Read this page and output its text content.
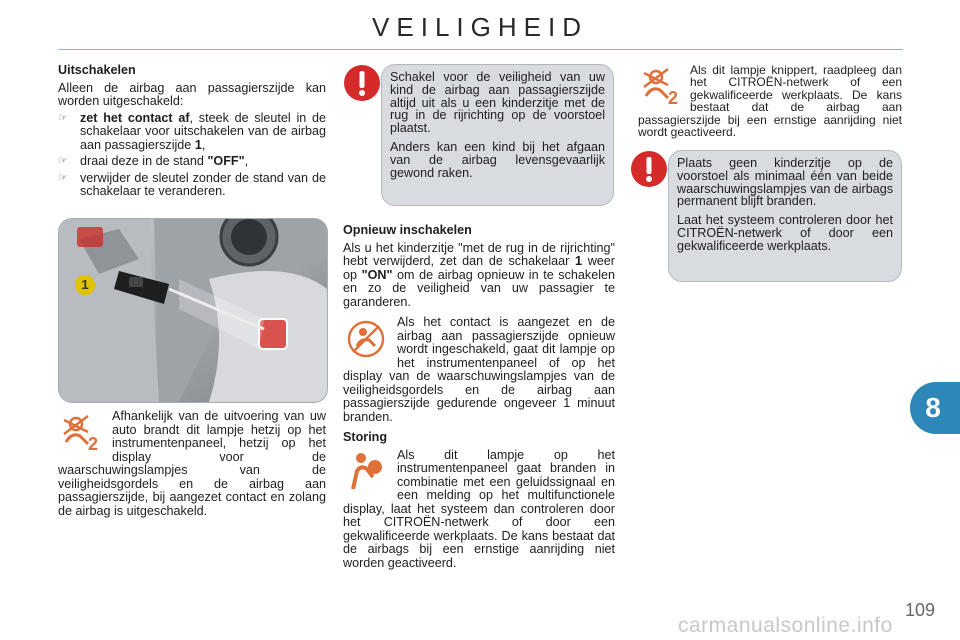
VEILIGHEID

Uitschakelen

Alleen de airbag aan passagierszijde kan worden uitgeschakeld:

☞ zet het contact af, steek de sleutel in de schakelaar voor uitschakelen van de airbag aan passagierszijde 1,
☞ draai deze in de stand "OFF",
☞ verwijder de sleutel zonder de stand van de schakelaar te veranderen.
1
2

Afhankelijk van de uitvoering van uw auto brandt dit lampje hetzij op het instrumentenpaneel, hetzij op het display voor de waarschuwingslampjes van de veiligheidsgordels en de airbag aan passagierszijde, bij aangezet contact en zolang de airbag is uitgeschakeld.

Schakel voor de veiligheid van uw kind de airbag aan passagierszijde altijd uit als u een kinderzitje met de rug in de rijrichting op de voorstoel plaatst.

Anders kan een kind bij het afgaan van de airbag levensgevaarlijk gewond raken.

Opnieuw inschakelen

Als u het kinderzitje "met de rug in de rijrichting" hebt verwijderd, zet dan de schakelaar 1 weer op "ON" om de airbag opnieuw in te schakelen en zo de veiligheid van uw passagier te garanderen.

Als het contact is aangezet en de airbag aan passagierszijde opnieuw wordt ingeschakeld, gaat dit lampje op het instrumentenpaneel of op het display van de waarschuwingslampjes van de veiligheidsgordels en de airbag aan passagierszijde gedurende ongeveer 1 minuut branden.

Storing

Als dit lampje op het instrumentenpaneel gaat branden in combinatie met een geluidssignaal en een melding op het multifunctionele display, laat het systeem dan controleren door het CITROËN-netwerk of door een gekwalificeerde werkplaats. De kans bestaat dat de airbags bij een ernstige aanrijding niet worden geactiveerd.

2

Als dit lampje knippert, raadpleeg dan het CITROËN-netwerk of een gekwalificeerde werkplaats. De kans bestaat dat de airbag aan passagierszijde bij een ernstige aanrijding niet wordt geactiveerd.

Plaats geen kinderzitje op de voorstoel als minimaal één van beide waarschuwingslampjes van de airbags permanent blijft branden.

Laat het systeem controleren door het CITROËN-netwerk of door een gekwalificeerde werkplaats.

8
109
carmanualsonline.info
